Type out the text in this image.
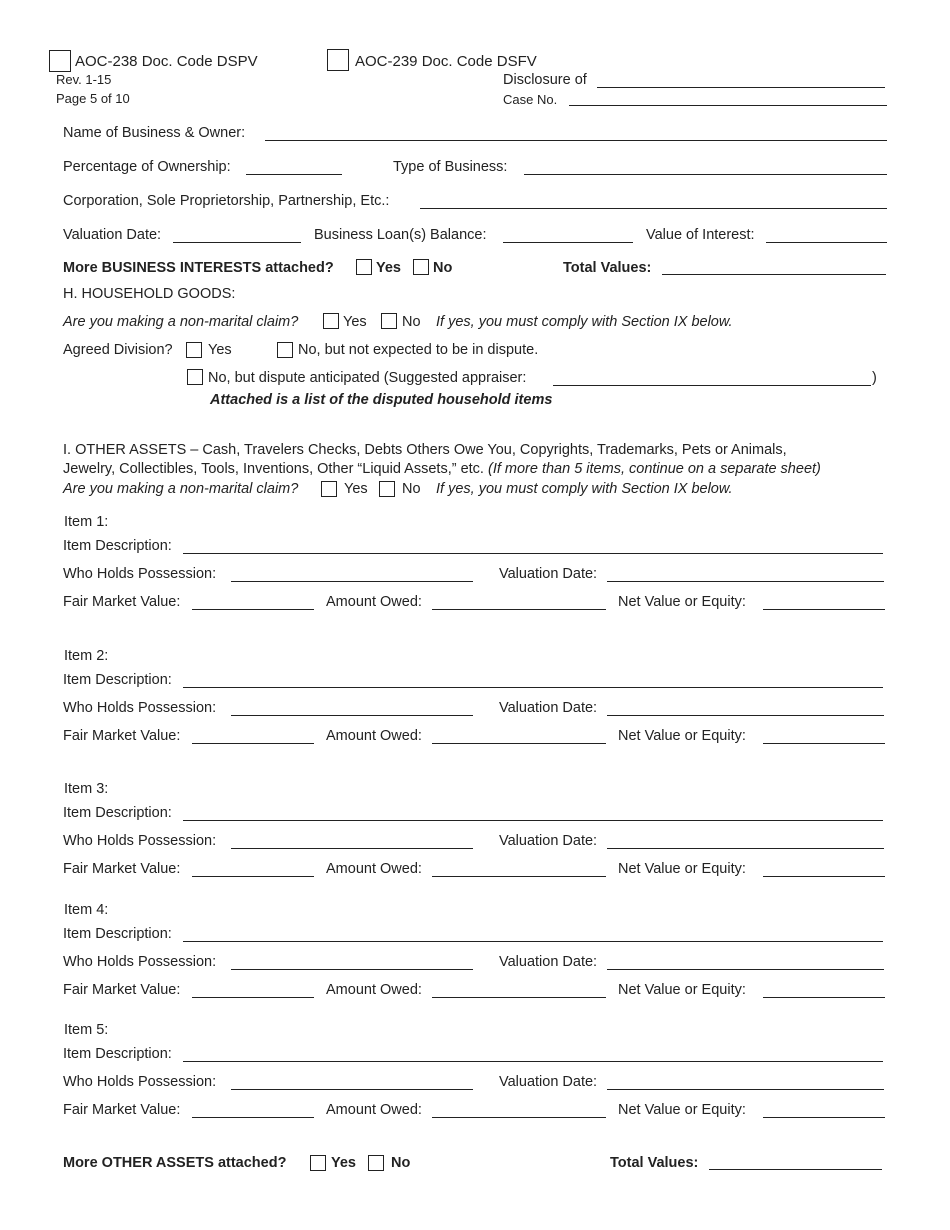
AOC-238 Doc. Code DSPV	AOC-239 Doc. Code DSFV
Rev. 1-15
Page 5 of 10
Disclosure of
Case No.
Name of Business & Owner:
Percentage of Ownership:	Type of Business:
Corporation, Sole Proprietorship, Partnership, Etc.:
Valuation Date:	Business Loan(s) Balance:	Value of Interest:
More BUSINESS INTERESTS attached?	Yes No	Total Values:
H. HOUSEHOLD GOODS:
Are you making a non-marital claim?	Yes No If yes, you must comply with Section IX below.
Agreed Division? Yes	No, but not expected to be in dispute.
No, but dispute anticipated (Suggested appraiser:	)
Attached is a list of the disputed household items
I. OTHER ASSETS – Cash, Travelers Checks, Debts Others Owe You, Copyrights, Trademarks, Pets or Animals,
Jewelry, Collectibles, Tools, Inventions, Other “Liquid Assets,” etc. (If more than 5 items, continue on a separate sheet)
Are you making a non-marital claim?	Yes No If yes, you must comply with Section IX below.
Item 1:
Item Description:
Who Holds Possession:	Valuation Date:
Fair Market Value:	Amount Owed:	Net Value or Equity:
Item 2:
Item Description:
Who Holds Possession:	Valuation Date:
Fair Market Value:	Amount Owed:	Net Value or Equity:
Item 3:
Item Description:
Who Holds Possession:	Valuation Date:
Fair Market Value:	Amount Owed:	Net Value or Equity:
Item 4:
Item Description:
Who Holds Possession:	Valuation Date:
Fair Market Value:	Amount Owed:	Net Value or Equity:
Item 5:
Item Description:
Who Holds Possession:	Valuation Date:
Fair Market Value:	Amount Owed:	Net Value or Equity:
More OTHER ASSETS attached?	Yes No	Total Values:
